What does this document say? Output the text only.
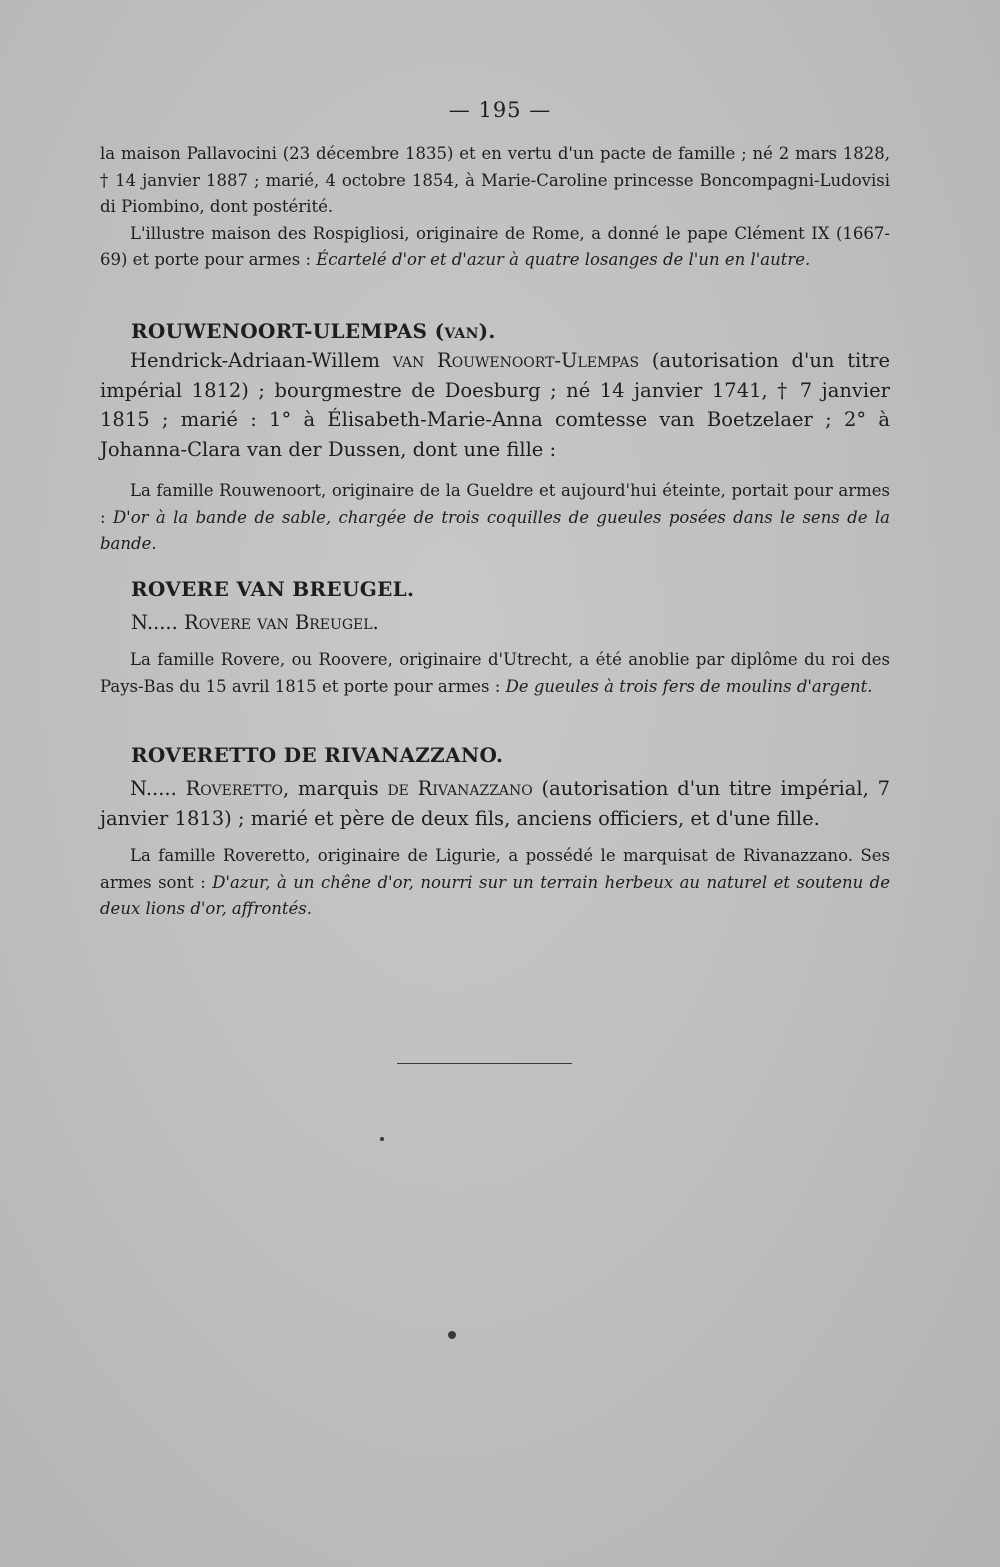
— 195 —

la maison Pallavocini (23 décembre 1835) et en vertu d'un pacte de famille ; né 2 mars 1828, † 14 janvier 1887 ; marié, 4 octobre 1854, à Marie-Caroline princesse Boncompagni-Ludovisi di Piombino, dont postérité.

L'illustre maison des Rospigliosi, originaire de Rome, a donné le pape Clément IX (1667-69) et porte pour armes : Écartelé d'or et d'azur à quatre losanges de l'un en l'autre.

ROUWENOORT-ULEMPAS (van).

Hendrick-Adriaan-Willem van Rouwenoort-Ulempas (autorisation d'un titre impérial 1812) ; bourgmestre de Doesburg ; né 14 janvier 1741, † 7 janvier 1815 ; marié : 1° à Élisabeth-Marie-Anna comtesse van Boetzelaer ; 2° à Johanna-Clara van der Dussen, dont une fille :

La famille Rouwenoort, originaire de la Gueldre et aujourd'hui éteinte, portait pour armes : D'or à la bande de sable, chargée de trois coquilles de gueules posées dans le sens de la bande.

ROVERE VAN BREUGEL.

N..... Rovere van Breugel.

La famille Rovere, ou Roovere, originaire d'Utrecht, a été anoblie par diplôme du roi des Pays-Bas du 15 avril 1815 et porte pour armes : De gueules à trois fers de moulins d'argent.

ROVERETTO DE RIVANAZZANO.

N..... Roveretto, marquis de Rivanazzano (autorisation d'un titre impérial, 7 janvier 1813) ; marié et père de deux fils, anciens officiers, et d'une fille.

La famille Roveretto, originaire de Ligurie, a possédé le marquisat de Rivanazzano. Ses armes sont : D'azur, à un chêne d'or, nourri sur un terrain herbeux au naturel et soutenu de deux lions d'or, affrontés.
